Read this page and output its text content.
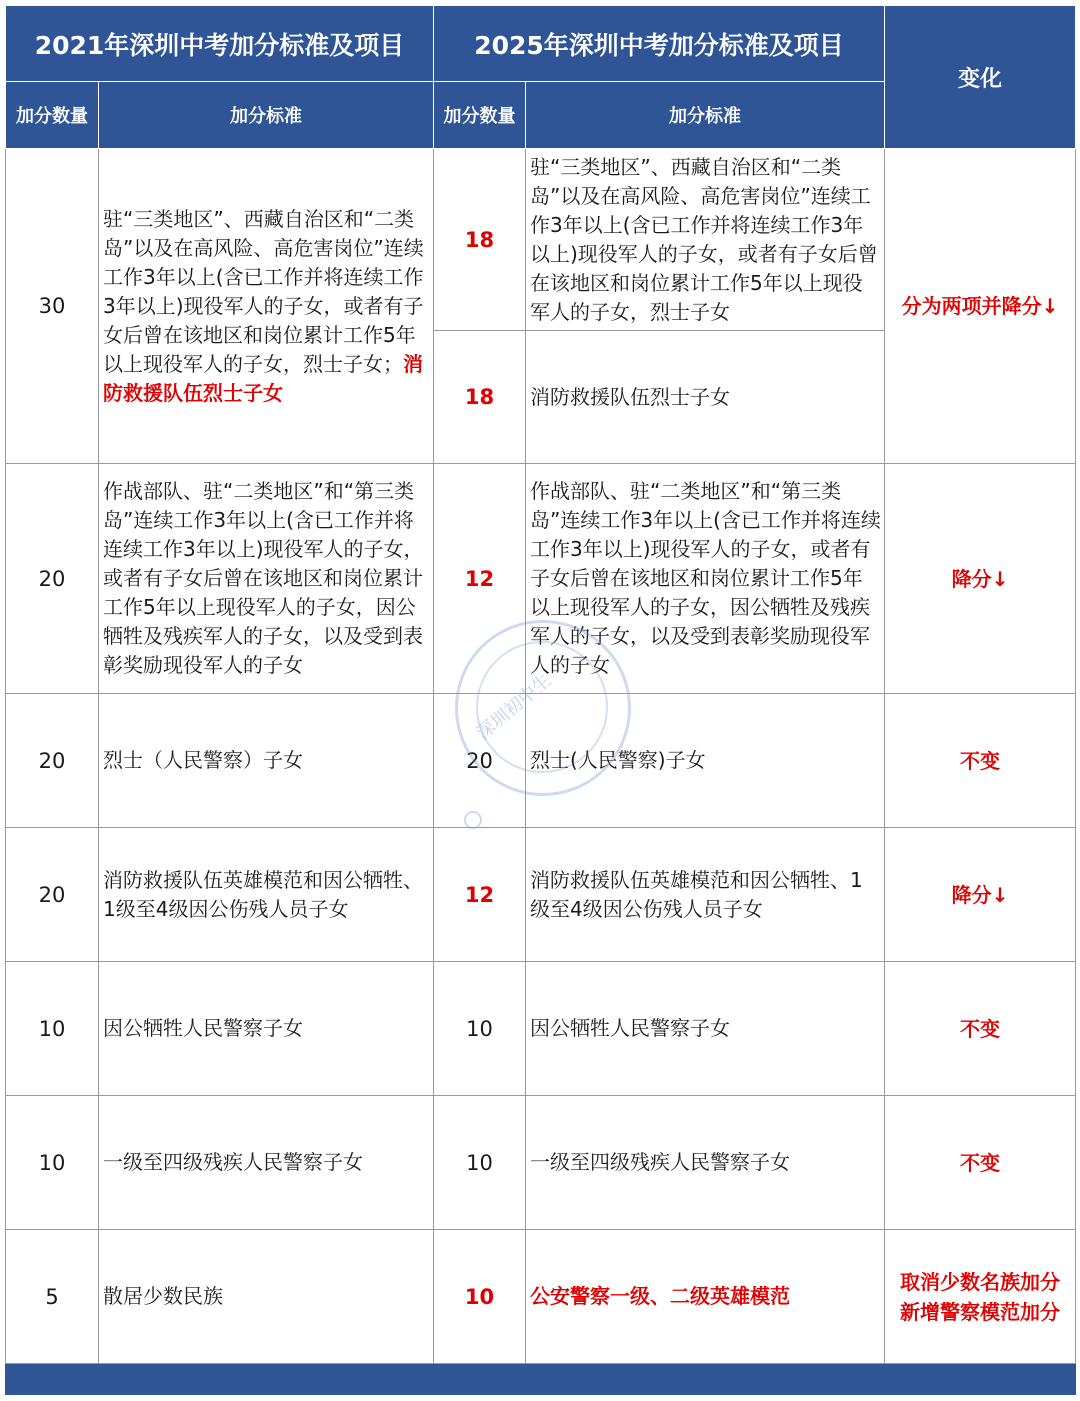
2021年深圳中考加分标准及项目		2025年深圳中考加分标准及项目		变化
加分数量	加分标准	加分数量	加分标准	
30	驻“三类地区”、西藏自治区和“二类岛”以及在高风险、高危害岗位”连续工作3年以上(含已工作并将连续工作3年以上)现役军人的子女，或者有子女后曾在该地区和岗位累计工作5年以上现役军人的子女，烈士子女；消防救援队伍烈士子女	18	驻“三类地区”、西藏自治区和“二类岛”以及在高风险、高危害岗位”连续工作3年以上(含已工作并将连续工作3年以上)现役军人的子女，或者有子女后曾在该地区和岗位累计工作5年以上现役军人的子女，烈士子女	分为两项并降分↓
		18	消防救援队伍烈士子女	
20	作战部队、驻“二类地区”和“第三类岛”连续工作3年以上(含已工作并将连续工作3年以上)现役军人的子女，或者有子女后曾在该地区和岗位累计工作5年以上现役军人的子女，因公牺牲及残疾军人的子女，以及受到表彰奖励现役军人的子女	12	作战部队、驻“二类地区”和“第三类岛”连续工作3年以上(含已工作并将连续工作3年以上)现役军人的子女，或者有子女后曾在该地区和岗位累计工作5年以上现役军人的子女，因公牺牲及残疾军人的子女，以及受到表彰奖励现役军人的子女	降分↓
20	烈士（人民警察）子女	20	烈士(人民警察)子女	不变
20	消防救援队伍英雄模范和因公牺牲、1级至4级因公伤残人员子女	12	消防救援队伍英雄模范和因公牺牲、1级至4级因公伤残人员子女	降分↓
10	因公牺牲人民警察子女	10	因公牺牲人民警察子女	不变
10	一级至四级残疾人民警察子女	10	一级至四级残疾人民警察子女	不变
5	散居少数民族	10	公安警察一级、二级英雄模范	取消少数名族加分
新增警察模范加分

深圳初中生
